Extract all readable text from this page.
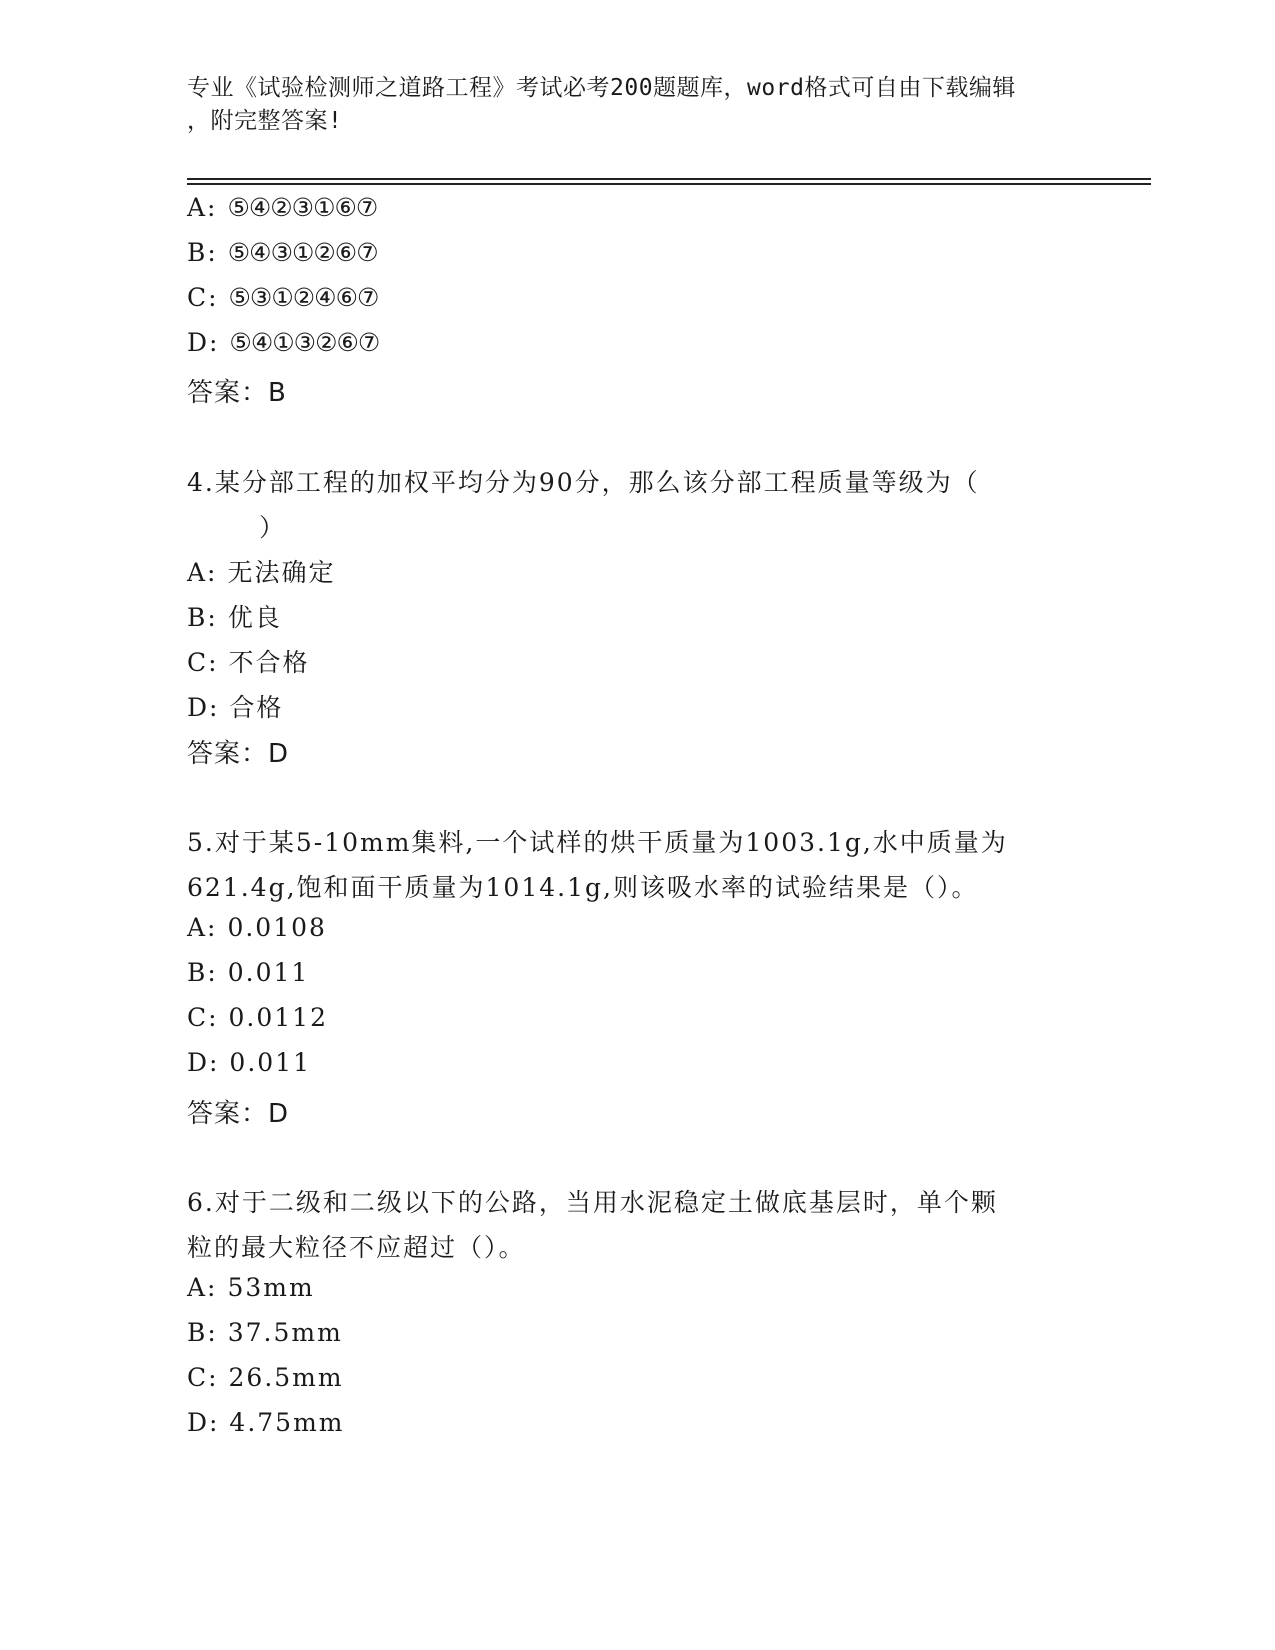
专业《试验检测师之道路工程》考试必考200题题库，word格式可自由下载编辑
，附完整答案!
A: ⑤④②③①⑥⑦
B: ⑤④③①②⑥⑦
C: ⑤③①②④⑥⑦
D: ⑤④①③②⑥⑦
答案：B
4.某分部工程的加权平均分为90分，那么该分部工程质量等级为（
）
A: 无法确定
B: 优良
C: 不合格
D: 合格
答案：D
5.对于某5-10mm集料,一个试样的烘干质量为1003.1g,水中质量为
621.4g,饱和面干质量为1014.1g,则该吸水率的试验结果是（）。
A: 0.0108
B: 0.011
C: 0.0112
D: 0.011
答案：D
6.对于二级和二级以下的公路，当用水泥稳定土做底基层时，单个颗
粒的最大粒径不应超过（）。
A: 53mm
B: 37.5mm
C: 26.5mm
D: 4.75mm
